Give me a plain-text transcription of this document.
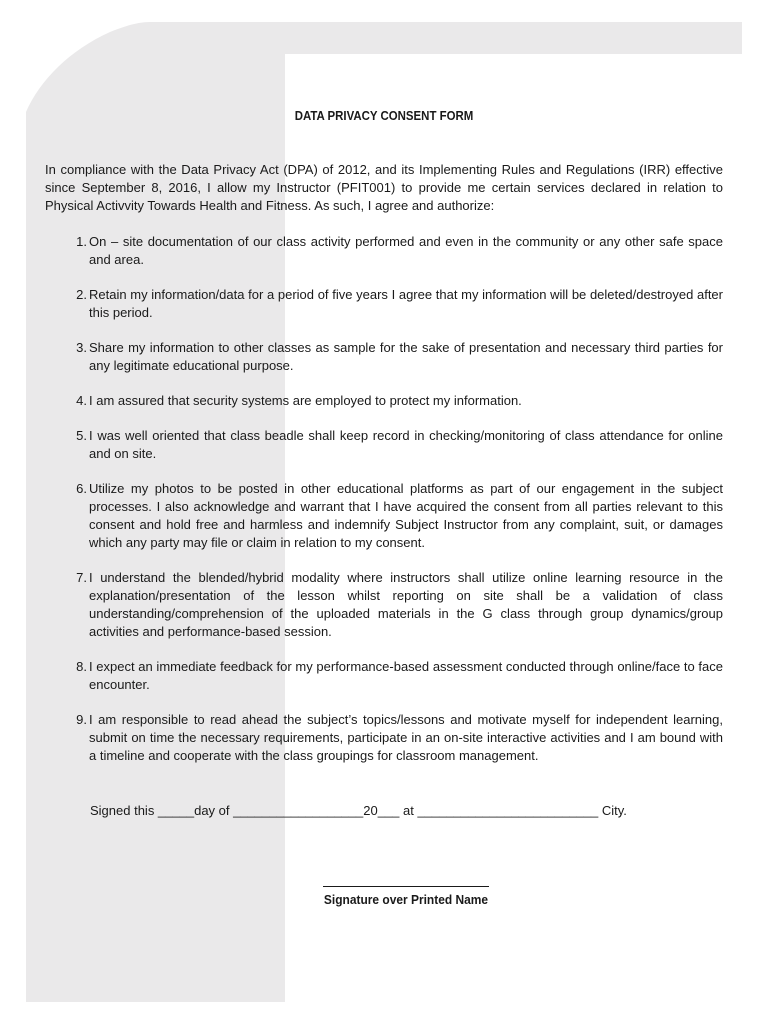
DATA PRIVACY CONSENT FORM
In compliance with the Data Privacy Act (DPA) of 2012, and its Implementing Rules and Regulations (IRR) effective since September 8, 2016, I allow my Instructor (PFIT001) to provide me certain services declared in relation to Physical Activvity Towards Health and Fitness. As such, I agree and authorize:
1. On – site documentation of our class activity performed and even in the community or any other safe space and area.
2. Retain my information/data for a period of five years I agree that my information will be deleted/destroyed after this period.
3. Share my information to other classes as sample for the sake of presentation and necessary third parties for any legitimate educational purpose.
4. I am assured that security systems are employed to protect my information.
5. I was well oriented that class beadle shall keep record in checking/monitoring of class attendance for online and on site.
6. Utilize my photos to be posted in other educational platforms as part of our engagement in the subject processes. I also acknowledge and warrant that I have acquired the consent from all parties relevant to this consent and hold free and harmless and indemnify Subject Instructor from any complaint, suit, or damages which any party may file or claim in relation to my consent.
7. I understand the blended/hybrid modality where instructors shall utilize online learning resource in the explanation/presentation of the lesson whilst reporting on site shall be a validation of class understanding/comprehension of the uploaded materials in the G class through group dynamics/group activities and performance-based session.
8. I expect an immediate feedback for my performance-based assessment conducted through online/face to face encounter.
9. I am responsible to read ahead the subject’s topics/lessons and motivate myself for independent learning, submit on time the necessary requirements, participate in an on-site interactive activities and I am bound with a timeline and cooperate with the class groupings for classroom management.
Signed this _____day of __________________20___ at _________________________ City.
Signature over Printed Name
